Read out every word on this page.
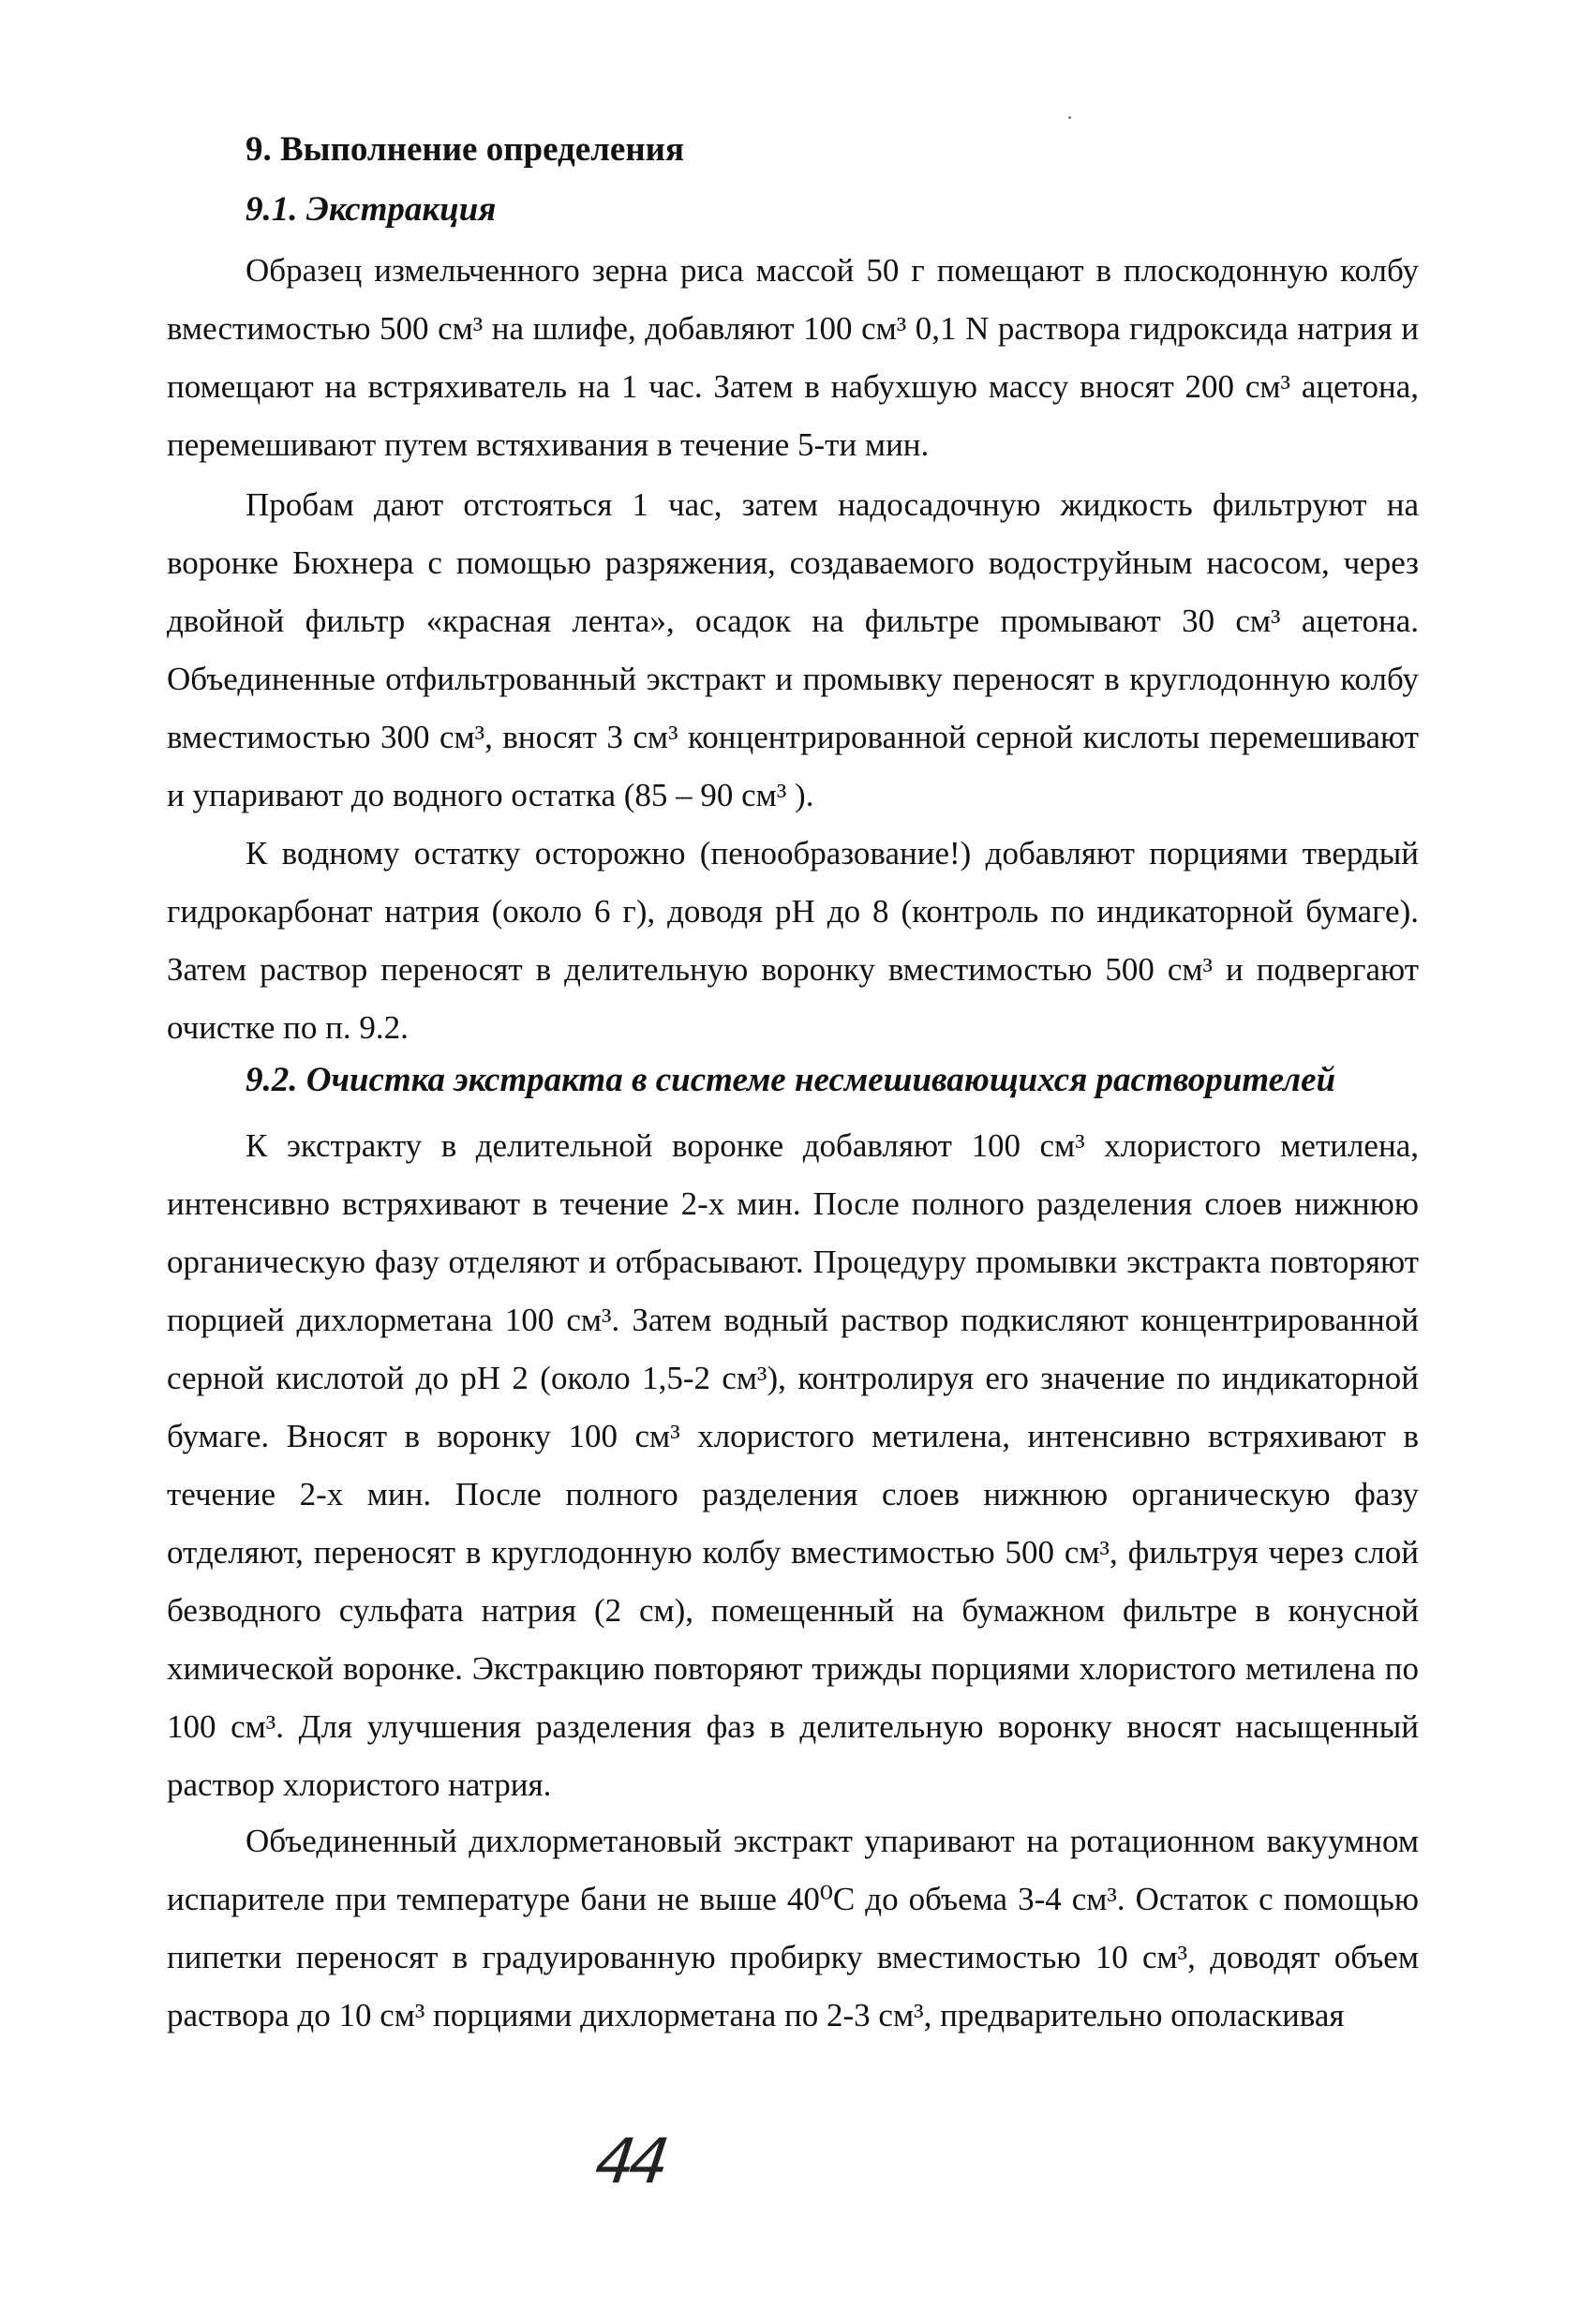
9. Выполнение определения
9.1. Экстракция
Образец измельченного зерна риса массой 50 г помещают в плоскодонную колбу вместимостью 500 см³ на шлифе, добавляют 100 см³ 0,1 N раствора гидроксида натрия и помещают на встряхиватель на 1 час. Затем в набухшую массу вносят 200 см³ ацетона, перемешивают путем встяхивания в течение 5-ти мин.
Пробам дают отстояться 1 час, затем надосадочную жидкость фильтруют на воронке Бюхнера с помощью разряжения, создаваемого водоструйным насосом, через двойной фильтр «красная лента», осадок на фильтре промывают 30 см³ ацетона. Объединенные отфильтрованный экстракт и промывку переносят в круглодонную колбу вместимостью 300 см³, вносят 3 см³ концентрированной серной кислоты перемешивают и упаривают до водного остатка (85 – 90 см³ ).
К водному остатку осторожно (пенообразование!) добавляют порциями твердый гидрокарбонат натрия (около 6 г), доводя pH до 8 (контроль по индикаторной бумаге). Затем раствор переносят в делительную воронку вместимостью 500 см³ и подвергают очистке по п. 9.2.
9.2. Очистка экстракта в системе несмешивающихся растворителей
К экстракту в делительной воронке добавляют 100 см³ хлористого метилена, интенсивно встряхивают в течение 2-х мин. После полного разделения слоев нижнюю органическую фазу отделяют и отбрасывают. Процедуру промывки экстракта повторяют порцией дихлорметана 100 см³. Затем водный раствор подкисляют концентрированной серной кислотой до pH 2 (около 1,5-2 см³), контролируя его значение по индикаторной бумаге. Вносят в воронку 100 см³ хлористого метилена, интенсивно встряхивают в течение 2-х мин. После полного разделения слоев нижнюю органическую фазу отделяют, переносят в круглодонную колбу вместимостью 500 см³, фильтруя через слой безводного сульфата натрия (2 см), помещенный на бумажном фильтре в конусной химической воронке. Экстракцию повторяют трижды порциями хлористого метилена по 100 см³. Для улучшения разделения фаз в делительную воронку вносят насыщенный раствор хлористого натрия.
Объединенный дихлорметановый экстракт упаривают на ротационном вакуумном испарителе при температуре бани не выше 40⁰С до объема 3-4 см³. Остаток с помощью пипетки переносят в градуированную пробирку вместимостью 10 см³, доводят объем раствора до 10 см³ порциями дихлорметана по 2-3 см³, предварительно ополаскивая
44
